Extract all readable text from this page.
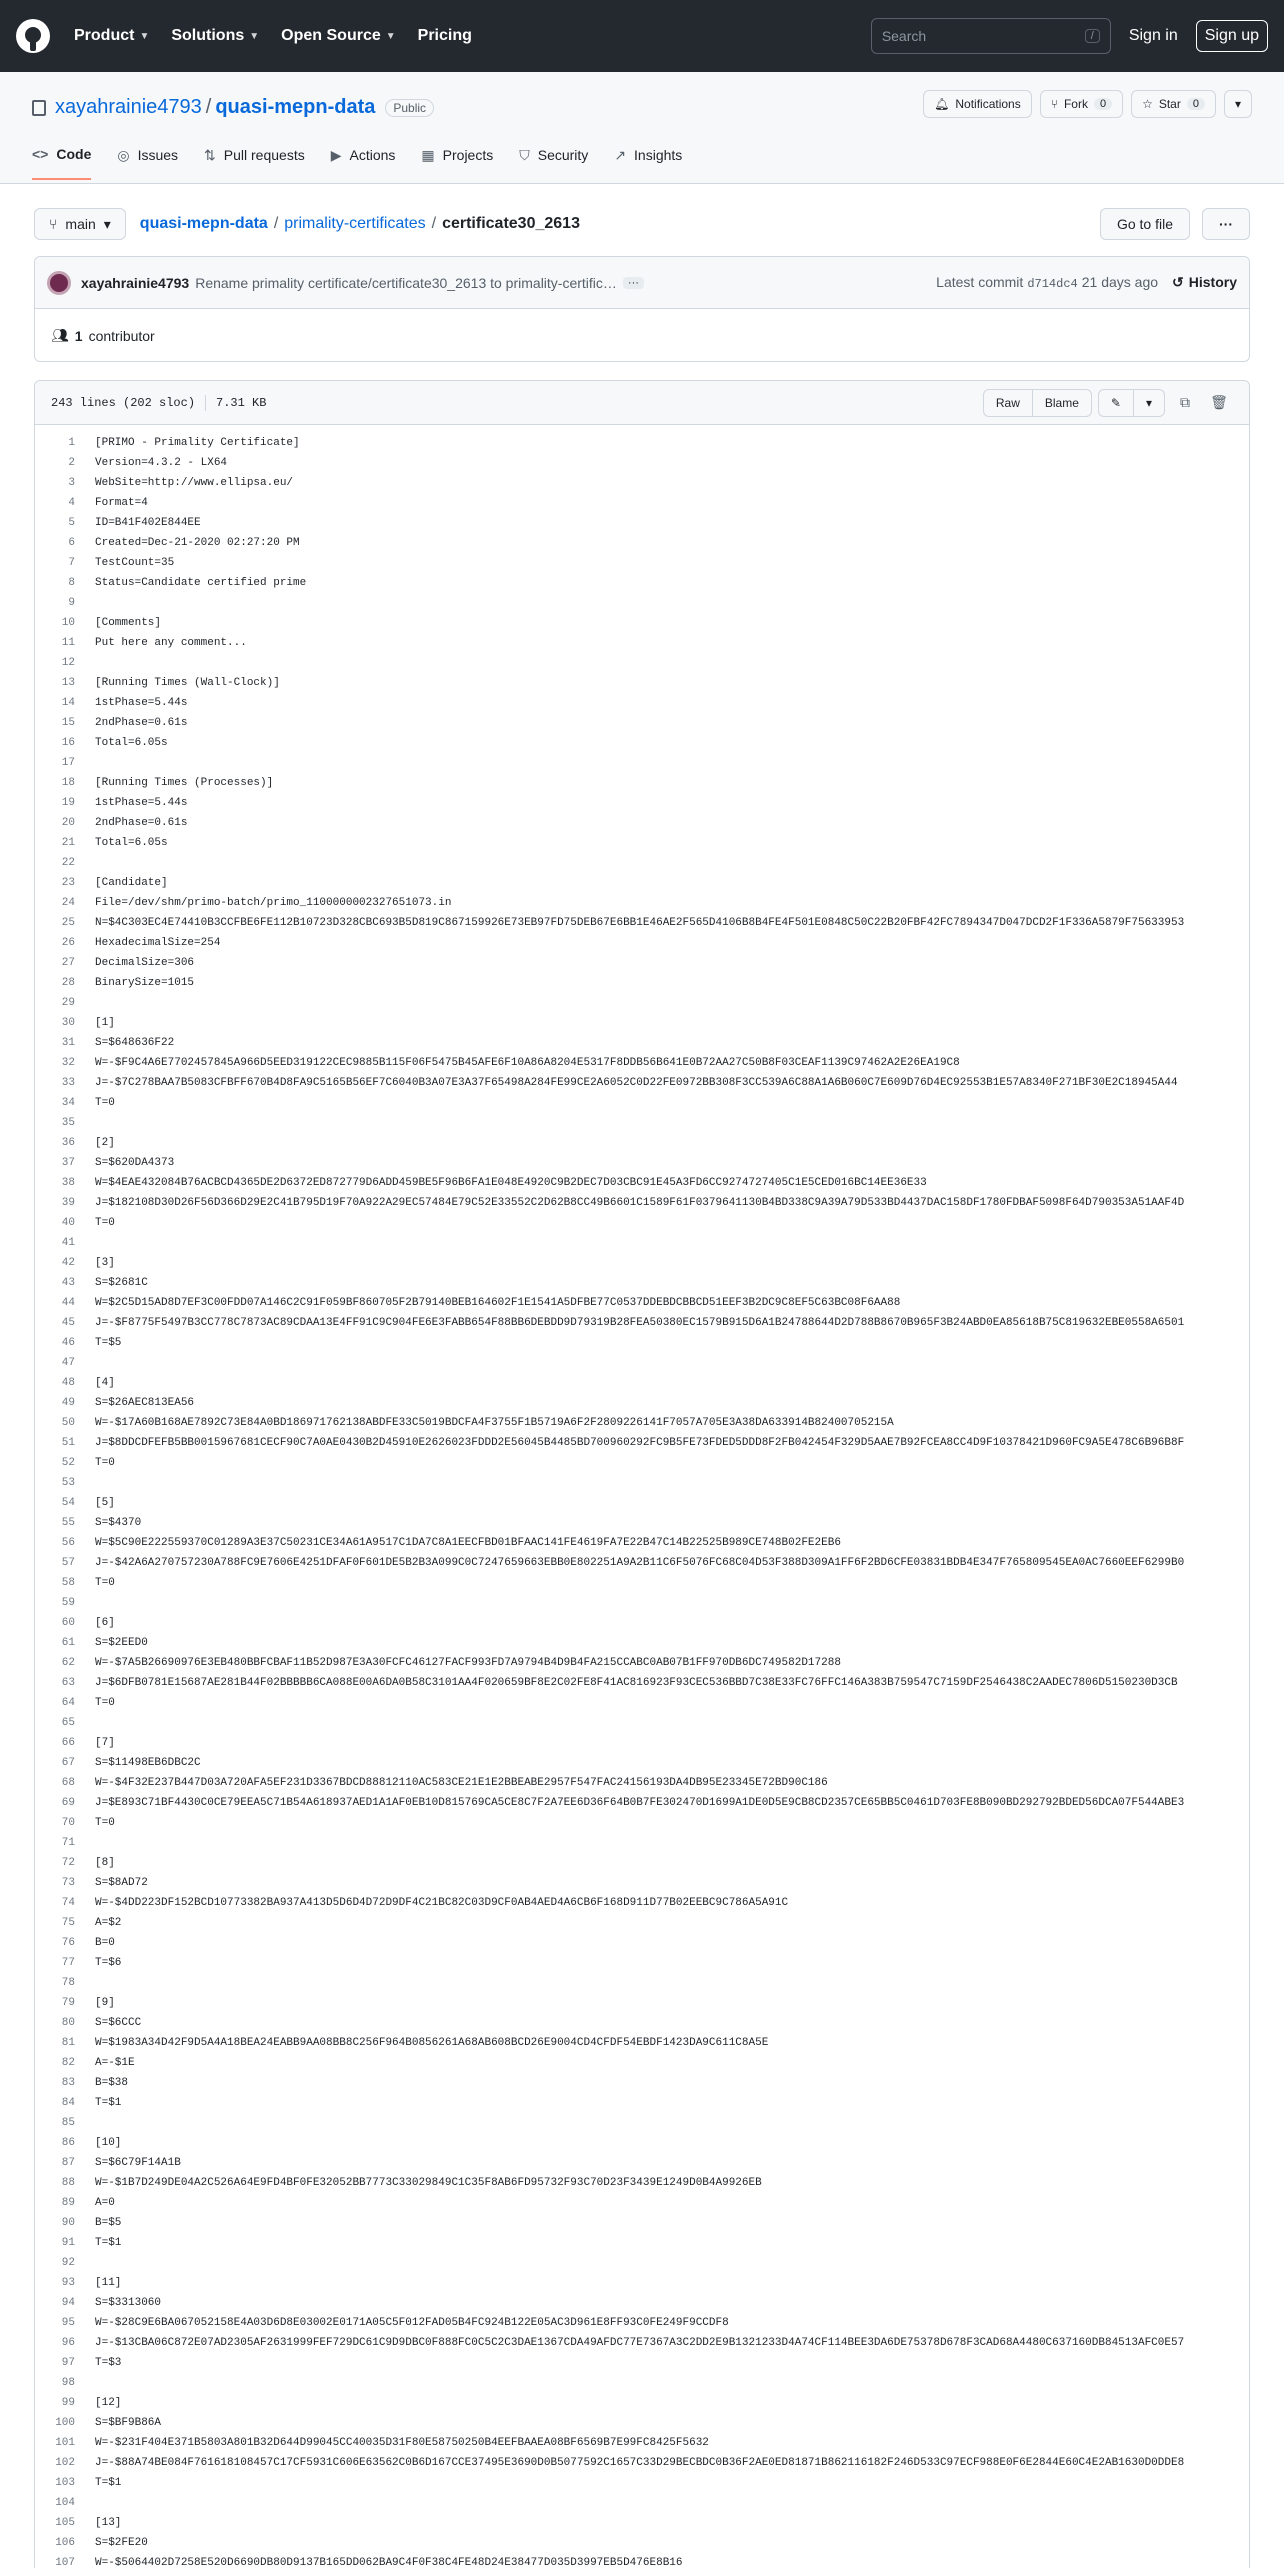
Product ▼ Solutions ▼ Open Source ▼ Pricing	Search	/	Sign in	Sign up
xayahrainie4793 / quasi-mepn-data	Public	🔔︎ Notifications	⑂ Fork	0	☆ Star	0	▾
<> Code ◎ Issues ⇅ Pull requests ▶︎ Actions ▦ Projects ⛉ Security ↗ Insights
⑂ main ▾ quasi-mepn-data / primality-certificates / certificate30_2613	Go to file	···
xayahrainie4793 Rename primality certificate/certificate30_2613 to primality-certific…	···	Latest commit d714dc4 21 days ago ↺ History
👥︎ 1 contributor
243 lines (202 sloc) 7.31 KB	Raw	Blame	✎ ▾ ⧉ 🗑︎
1	[PRIMO - Primality Certificate]
2	Version=4.3.2 - LX64
3	WebSite=http://www.ellipsa.eu/
4	Format=4
5	ID=B41F402E844EE
6	Created=Dec-21-2020 02:27:20 PM
7	TestCount=35
8	Status=Candidate certified prime
9
10	[Comments]
11	Put here any comment...
12
13	[Running Times (Wall-Clock)]
14	1stPhase=5.44s
15	2ndPhase=0.61s
16	Total=6.05s
17
18	[Running Times (Processes)]
19	1stPhase=5.44s
20	2ndPhase=0.61s
21	Total=6.05s
22
23	[Candidate]
24	File=/dev/shm/primo-batch/primo_1100000002327651073.in
25	N=$4C303EC4E74410B3CCFBE6FE112B10723D328CBC693B5D819C867159926E73EB97FD75DEB67E6BB1E46AE2F565D4106B8B4FE4F501E0848C50C22B20FBF42FC7894347D047DCD2F1F336A5879F75633953
26	HexadecimalSize=254
27	DecimalSize=306
28	BinarySize=1015
29
30	[1]
31	S=$648636F22
32	W=-$F9C4A6E7702457845A966D5EED319122CEC9885B115F06F5475B45AFE6F10A86A8204E5317F8DDB56B641E0B72AA27C50B8F03CEAF1139C97462A2E26EA19C8
33	J=-$7C278BAA7B5083CFBFF670B4D8FA9C5165B56EF7C6040B3A07E3A37F65498A284FE99CE2A6052C0D22FE0972BB308F3CC539A6C88A1A6B060C7E609D76D4EC92553B1E57A8340F271BF30E2C18945A44
34	T=0
35
36	[2]
37	S=$620DA4373
38	W=$4EAE432084B76ACBCD4365DE2D6372ED872779D6ADD459BE5F96B6FA1E048E4920C9B2DEC7D03CBC91E45A3FD6CC9274727405C1E5CED016BC14EE36E33
39	J=$182108D30D26F56D366D29E2C41B795D19F70A922A29EC57484E79C52E33552C2D62B8CC49B6601C1589F61F0379641130B4BD338C9A39A79D533BD4437DAC158DF1780FDBAF5098F64D790353A51AAF4D
40	T=0
41
42	[3]
43	S=$2681C
44	W=$2C5D15AD8D7EF3C00FDD07A146C2C91F059BF860705F2B79140BEB164602F1E1541A5DFBE77C0537DDEBDCBBCD51EEF3B2DC9C8EF5C63BC08F6AA88
45	J=-$F8775F5497B3CC778C7873AC89CDAA13E4FF91C9C904FE6E3FABB654F88BB6DEBDD9D79319B28FEA50380EC1579B915D6A1B24788644D2D788B8670B965F3B24ABD0EA85618B75C819632EBE0558A6501
46	T=$5
47
48	[4]
49	S=$26AEC813EA56
50	W=-$17A60B168AE7892C73E84A0BD186971762138ABDFE33C5019BDCFA4F3755F1B5719A6F2F2809226141F7057A705E3A38DA633914B82400705215A
51	J=$8DDCDFEFB5BB0015967681CECF90C7A0AE0430B2D45910E2626023FDDD2E56045B4485BD700960292FC9B5FE73FDED5DDD8F2FB042454F329D5AAE7B92FCEA8CC4D9F10378421D960FC9A5E478C6B96B8F
52	T=0
53
54	[5]
55	S=$4370
56	W=$5C90E222559370C01289A3E37C50231CE34A61A9517C1DA7C8A1EECFBD01BFAAC141FE4619FA7E22B47C14B22525B989CE748B02FE2EB6
57	J=-$42A6A270757230A788FC9E7606E4251DFAF0F601DE5B2B3A099C0C7247659663EBB0E802251A9A2B11C6F5076FC68C04D53F388D309A1FF6F2BD6CFE03831BDB4E347F765809545EA0AC7660EEF6299B0
58	T=0
59
60	[6]
61	S=$2EED0
62	W=-$7A5B26690976E3EB480BBFCBAF11B52D987E3A30FCFC46127FACF993FD7A9794B4D9B4FA215CCABC0AB07B1FF970DB6DC749582D17288
63	J=$6DFB0781E15687AE281B44F02BBBBB6CA088E00A6DA0B58C3101AA4F020659BF8E2C02FE8F41AC816923F93CEC536BBD7C38E33FC76FFC146A383B759547C7159DF2546438C2AADEC7806D5150230D3CB
64	T=0
65
66	[7]
67	S=$11498EB6DBC2C
68	W=-$4F32E237B447D03A720AFA5EF231D3367BDCD88812110AC583CE21E1E2BBEABE2957F547FAC24156193DA4DB95E23345E72BD90C186
69	J=$E893C71BF4430C0CE79EEA5C71B54A618937AED1A1AF0EB10D815769CA5CE8C7F2A7EE6D36F64B0B7FE302470D1699A1DE0D5E9CB8CD2357CE65BB5C0461D703FE8B090BD292792BDED56DCA07F544ABE3
70	T=0
71
72	[8]
73	S=$8AD72
74	W=-$4DD223DF152BCD10773382BA937A413D5D6D4D72D9DF4C21BC82C03D9CF0AB4AED4A6CB6F168D911D77B02EEBC9C786A5A91C
75	A=$2
76	B=0
77	T=$6
78
79	[9]
80	S=$6CCC
81	W=$1983A34D42F9D5A4A18BEA24EABB9AA08BB8C256F964B0856261A68AB608BCD26E9004CD4CFDF54EBDF1423DA9C611C8A5E
82	A=-$1E
83	B=$38
84	T=$1
85
86	[10]
87	S=$6C79F14A1B
88	W=-$1B7D249DE04A2C526A64E9FD4BF0FE32052BB7773C33029849C1C35F8AB6FD95732F93C70D23F3439E1249D0B4A9926EB
89	A=0
90	B=$5
91	T=$1
92
93	[11]
94	S=$3313060
95	W=-$28C9E6BA067052158E4A03D6D8E03002E0171A05C5F012FAD05B4FC924B122E05AC3D961E8FF93C0FE249F9CCDF8
96	J=-$13CBA06C872E07AD2305AF2631999FEF729DC61C9D9DBC0F888FC0C5C2C3DAE1367CDA49AFDC77E7367A3C2DD2E9B1321233D4A74CF114BEE3DA6DE75378D678F3CAD68A4480C637160DB84513AFC0E57
97	T=$3
98
99	[12]
100	S=$BF9B86A
101	W=-$231F404E371B5803A801B32D644D99045CC40035D31F80E58750250B4EEFBAAEA08BF6569B7E99FC8425F5632
102	J=-$88A74BE084F761618108457C17CF5931C606E63562C0B6D167CCE37495E3690D0B5077592C1657C33D29BECBDC0B36F2AE0ED81871B862116182F246D533C97ECF988E0F6E2844E60C4E2AB1630D0DDE8
103	T=$1
104
105	[13]
106	S=$2FE20
107	W=-$5064402D7258E520D6690DB80D9137B165DD062BA9C4F0F38C4FE48D24E38477D035D3997EB5D476E8B16
